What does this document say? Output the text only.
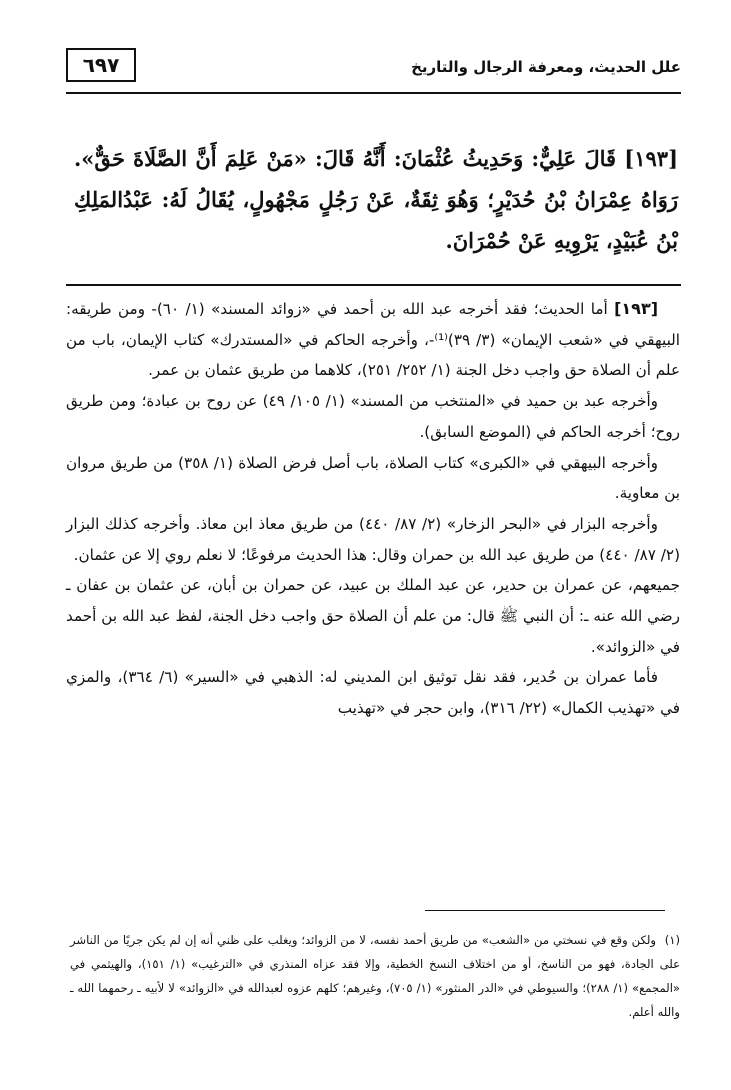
علل الحديث، ومعرفة الرجال والتاريخ
٦٩٧
[١٩٣] قَالَ عَلِيٌّ: وَحَدِيثُ عُثْمَانَ: أَنَّهُ قَالَ: «مَنْ عَلِمَ أَنَّ الصَّلَاةَ حَقٌّ». رَوَاهُ عِمْرَانُ بْنُ حُدَيْرٍ؛ وَهُوَ ثِقَةٌ، عَنْ رَجُلٍ مَجْهُولٍ، يُقَالُ لَهُ: عَبْدُالمَلِكِ بْنُ عُبَيْدٍ، يَرْوِيهِ عَنْ حُمْرَانَ.

[١٩٣] أما الحديث؛ فقد أخرجه عبد الله بن أحمد في «زوائد المسند» (١/ ٦٠)- ومن طريقه: البيهقي في «شعب الإيمان» (٣/ ٣٩)⁽¹⁾-، وأخرجه الحاكم في «المستدرك» كتاب الإيمان، باب من علم أن الصلاة حق واجب دخل الجنة (١/ ٢٥٢/ ٢٥١)، كلاهما من طريق عثمان بن عمر.

وأخرجه عبد بن حميد في «المنتخب من المسند» (١/ ١٠٥/ ٤٩) عن روح بن عبادة؛ ومن طريق روح؛ أخرجه الحاكم في (الموضع السابق).

وأخرجه البيهقي في «الكبرى» كتاب الصلاة، باب أصل فرض الصلاة (١/ ٣٥٨) من طريق مروان بن معاوية.

وأخرجه البزار في «البحر الزخار» (٢/ ٨٧/ ٤٤٠) من طريق معاذ ابن معاذ. وأخرجه كذلك البزار (٢/ ٨٧/ ٤٤٠) من طريق عبد الله بن حمران وقال: هذا الحديث مرفوعًا؛ لا نعلم روي إلا عن عثمان.

جميعهم، عن عمران بن حدير، عن عبد الملك بن عبيد، عن حمران بن أبان، عن عثمان بن عفان ـ رضي الله عنه ـ: أن النبي ﷺ قال: من علم أن الصلاة حق واجب دخل الجنة، لفظ عبد الله بن أحمد في «الزوائد».

فأما عمران بن حُدير، فقد نقل توثيق ابن المديني له: الذهبي في «السير» (٦/ ٣٦٤)، والمزي في «تهذيب الكمال» (٢٢/ ٣١٦)، وابن حجر في «تهذيب

(١)ولكن وقع في نسختي من «الشعب» من طريق أحمد نفسه، لا من الزوائد؛ ويغلب على ظني أنه إن لم يكن جريًا من الناشر على الجادة، فهو من الناسخ، أو من اختلاف النسخ الخطية، وإلا فقد عزاه المنذري في «الترغيب» (١/ ١٥١)، والهيثمي في «المجمع» (١/ ٢٨٨)؛ والسيوطي في «الدر المنثور» (١/ ٧٠٥)، وغيرهم؛ كلهم عزوه لعبدالله في «الزوائد» لا لأبيه ـ رحمهما الله ـ والله أعلم.
